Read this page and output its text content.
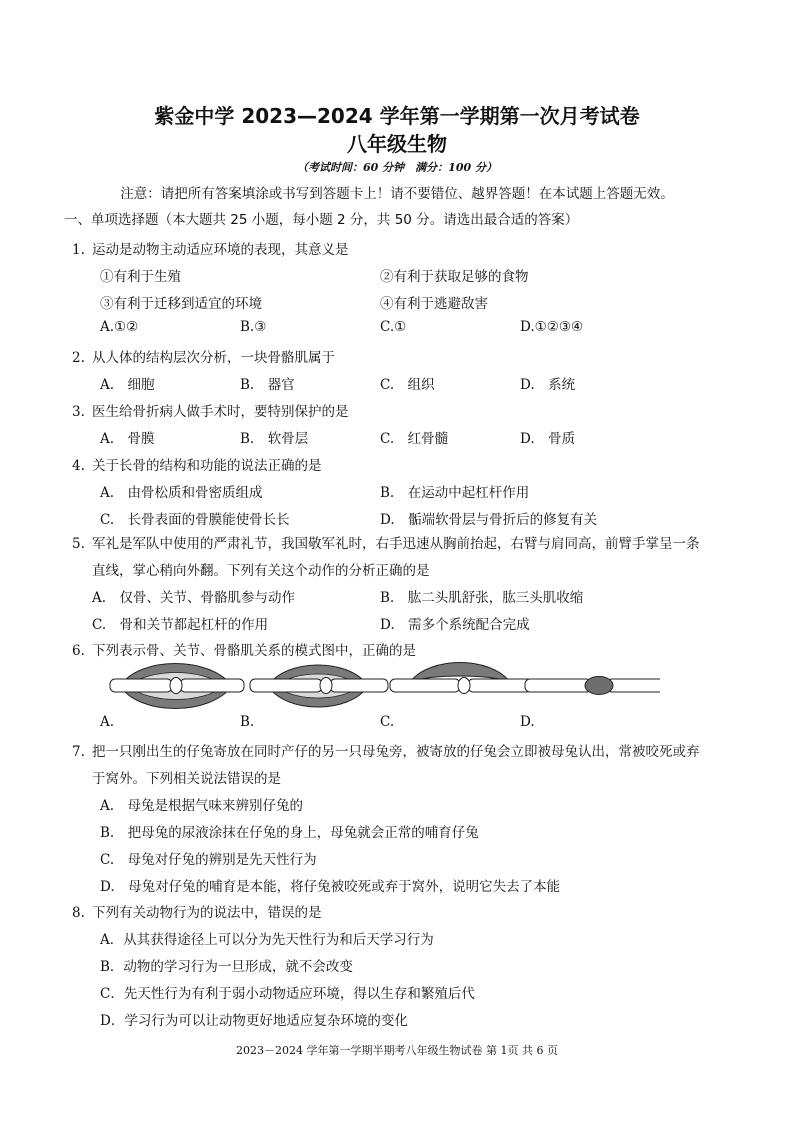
紫金中学 2023—2024 学年第一学期第一次月考试卷
八年级生物
（考试时间：60 分钟　满分：100 分）
注意：请把所有答案填涂或书写到答题卡上！请不要错位、越界答题！在本试题上答题无效。
一、单项选择题（本大题共 25 小题，每小题 2 分，共 50 分。请选出最合适的答案）
1. 运动是动物主动适应环境的表现，其意义是
①有利于生殖	②有利于获取足够的食物
③有利于迁移到适宜的环境	④有利于逃避敌害
A.①②	B.③	C.①	D.①②③④
2. 从人体的结构层次分析，一块骨骼肌属于
A.　细胞	B.　器官	C.　组织	D.　系统
3. 医生给骨折病人做手术时，要特别保护的是
A.　骨膜	B.　软骨层	C.　红骨髓	D.　骨质
4. 关于长骨的结构和功能的说法正确的是
A.　由骨松质和骨密质组成	B.　在运动中起杠杆作用
C.　长骨表面的骨膜能使骨长长	D.　骺端软骨层与骨折后的修复有关
5. 军礼是军队中使用的严肃礼节，我国敬军礼时，右手迅速从胸前抬起，右臂与肩同高，前臂手掌呈一条
直线，掌心稍向外翻。下列有关这个动作的分析正确的是
A.　仅骨、关节、骨骼肌参与动作	B.　肱二头肌舒张，肱三头肌收缩
C.　骨和关节都起杠杆的作用	D.　需多个系统配合完成
6. 下列表示骨、关节、骨骼肌关系的模式图中，正确的是
A.	B.	C.	D.
7. 把一只刚出生的仔兔寄放在同时产仔的另一只母兔旁，被寄放的仔兔会立即被母兔认出，常被咬死或弃
于窝外。下列相关说法错误的是
A.　母兔是根据气味来辨别仔兔的
B.　把母兔的尿液涂抹在仔兔的身上，母兔就会正常的哺育仔兔
C.　母兔对仔兔的辨别是先天性行为
D.　母兔对仔兔的哺育是本能，将仔兔被咬死或弃于窝外，说明它失去了本能
8. 下列有关动物行为的说法中，错误的是
A．从其获得途径上可以分为先天性行为和后天学习行为
B．动物的学习行为一旦形成，就不会改变
C．先天性行为有利于弱小动物适应环境，得以生存和繁殖后代
D．学习行为可以让动物更好地适应复杂环境的变化
2023－2024 学年第一学期半期考八年级生物试卷 第 1页 共 6 页
